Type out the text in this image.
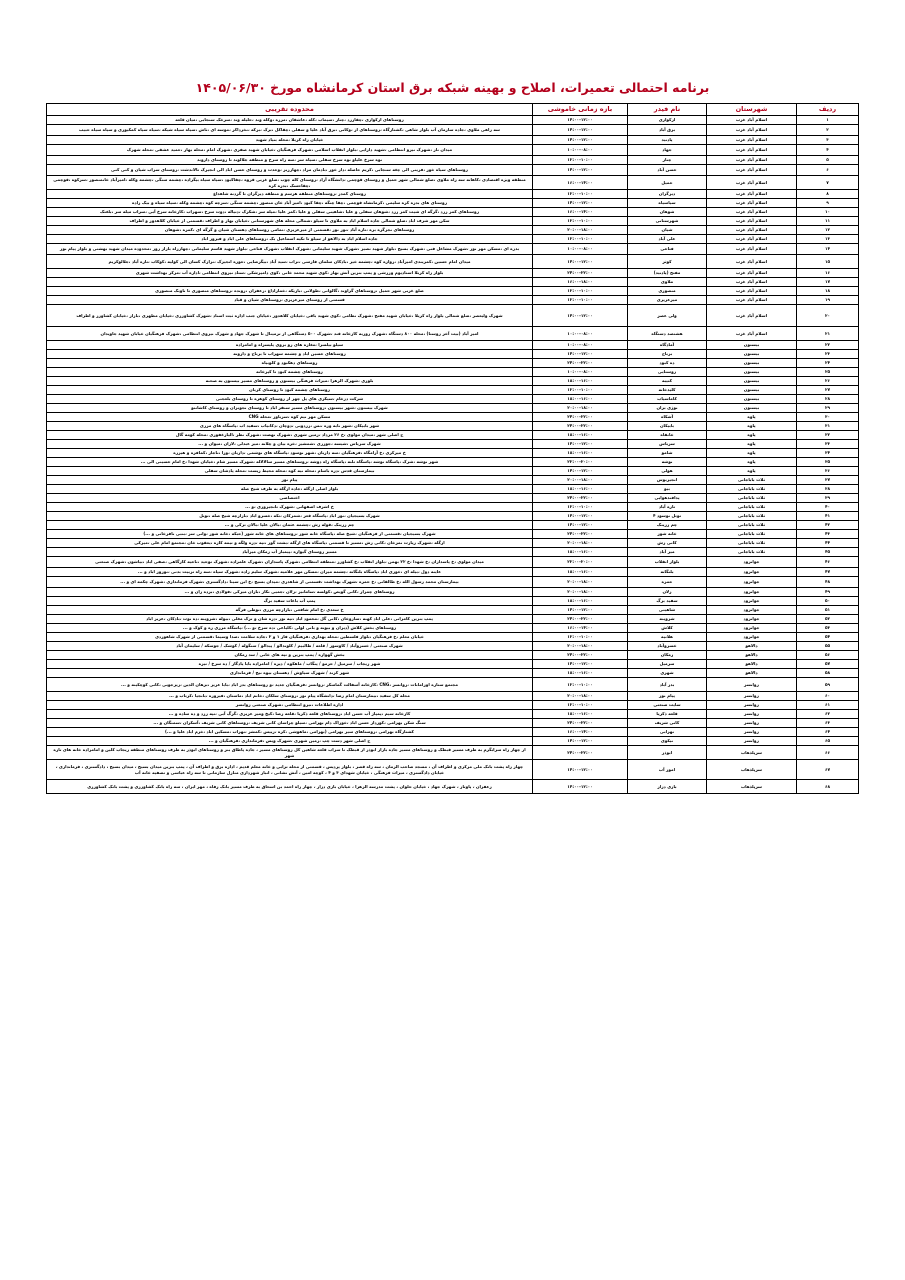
برنامه احتمالی تعمیرات، اصلاح و بهینه شبکه برق استان کرمانشاه مورخ ۱۴۰۵/۰۶/۳۰
ردیف	شهرستان	نام فیدر	بازه زمانی خاموشی	محدوده تقریبی
۱	اسلام آباد غرب	ارکوازی	۱۴:۰۰-۱۲:۰۰	روستاهای ارکوازی ،چقارزد ،چنار ،سیماب ،کله ،عاشقان ،مرزه ،وکله وند ،حلیله وند ،سرخک سنجابی ،میان قلعه
۲	اسلام آباد غرب	برق آباد	۱۴:۰۰-۱۲:۰۰	سه راهی ملاوی ،جاده سازمان آب بلوار شاهی ،کشتارگاه ،روستاهای ار ،وکانی ،برق آباد علیا و سفلی ،چقاکل ،برک ،برکه ،نخرداکر ،موسه ای ،ثاش ،سیاه سیاه شیکه ،سیاه سیاه کمکیوری و سیاه سیاه حبیب
۳	اسلام آباد غرب	پادنید	۱۴:۰۰-۱۲:۰۰	خیابان راه کربلا ،محله بنیاد شهید
۴	اسلام آباد غرب	جهاد	۱۰:۰۰-۰۸:۰۰	میدان ناز ،شهرک نیرو انتظامی ،شهید دارایی ،بلوار انقلاب اسلامی ،شهرک فرهنگیان ،خیابان شهید صفری ،شهرک امام ،محله بهار ،حمید عشقی ،محله شهرک
۵	اسلام آباد غرب	چنار	۱۲:۰۰-۱۰:۰۰	نوه سرخ علیاو نوه سرخ سفلی ،سیاه سر ،سه راه سرخ و منطقه جلالوند تا روستای داروند
۶	اسلام آباد غرب	حسن آباد	۱۴:۰۰-۱۲:۰۰	روستاهای سیاه خور ،فرینی الی چغه سنجابی ،کریم حاصله ،دار خور ،بادمان مراد ،چهارزبر ،وحدت و روستای حسن اباد الی انجیرک تالاندشت ،روستای سراب شیان و کنی کنی
۷	اسلام آباد غرب	حمیل	۱۶:۰۰-۱۴:۰۰	منطقه ویژه اقتصادی ،کاهانه سه راه ملاوی ،ضلع شمالی شهر حمیل و روستای قوچمی ،دانشگاه آزاد ،روستای کله چوب ،ضلع غربی قروه ،چقاکبود ،سیاه سیاه بیگزاده ،چشمه سنگی ،چشمه وکله ،امیرآباد خانمنصور ،سرکوه ،قوچمی ،چقاحسک ،بدره کره
۸	اسلام آباد غرب	دیزگران	۱۲:۰۰-۱۰:۰۰	روستای کمدر ،روستاهای منطقه هرسم و منطقه دیزگران تا گردنه شاهداغ
۹	اسلام آباد غرب	سیاسیاه	۱۴:۰۰-۱۲:۰۰	روستای های بدره کره سلیمی ،کرمانشاه قوچمی ،چقا چنگه ،چقا کبود ،امیر آباد خان منصور ،چشمه سنگی ،سرچه کوه ،چشمه وکله ،سیاه سیاه و بیک زاده
۱۰	اسلام آباد غرب	شوهان	۱۶:۰۰-۱۴:۰۰	روستاهای کمر زرد ،گرگه ای شیت کمر زرد ،شوهان سفلی و علیا ،شاهینی سفلی و علیا ،کمر علیا ،میله سر ،شکرک ،دنیاله ،دوت سرخ ،سهراب ،کارخانه سرخ آبی ،سراب میله سر ،بلغتک
۱۱	اسلام آباد غرب	شهرستانی	۱۲:۰۰-۱۰:۰۰	سکن مهر شرف اباد ،ضلع شمالی جاده اسلام اباد به ملاوی تا سیلو ،شمالی محله های شهرستانی ،خیابان بهار و اطراف ،قسمتی از خیابان کلاهدوز و اطراف
۱۲	اسلام آباد غرب	شیان	۲۰:۰۰-۱۸:۰۰	روستاهای نجرگره بزه ،تازه آباد ،نور نور ،قسمتی از میرعزیزی ،تمامی روستاهای دهستان شیان و گرگه ای ،کمره ،شوهان
۱۳	اسلام آباد غرب	علی آباد	۱۲:۰۰-۱۰:۰۰	جاده اسلام اباد به دالاهو از سیلو تا تکیه اسماعیل بک ،روستاهای علی اباد و فیروز اباد
۱۴	اسلام آباد غرب	فتاحی	۱۰:۰۰-۰۸:۰۰	بدره ای ،مسکن مهر نور ،شهرک مشاغل فنی ،شهرک بسیج ،بلوار شهید نصیر ،شهرک شهید سلیمانی ،شهرک انقلاب ،شهرک فتاحی ،بلوار شهید قاسم سلیمانی ،چهارراه بازار روز ،محدوده میدان شهید بهشتی و بلوار پیام نور
۱۵	اسلام آباد غرب	کوثر	۱۴:۰۰-۱۲:۰۰	میدان امام حسین ،کمربندی امیرآباد ،زواره کوه ،چشمه خیر ،بادکان سلمان فارسی ،تراب ،سید آباد ،بیگرضایی ،حوزه انجیرک ،نزارک کسان الی کولیه ،کوکاب ،تازه آباد ،جلالوکریم
۱۶	اسلام آباد غرب	مفتح (پادنید)	۲۴:۰۰-۲۲:۰۰	بلوار راه کربلا استادیوم ورزشی و پمپ بنزین آتش بهار ،کوی شهید محمد خانی ،کوی دامپزشکی ،ستاد نیروی انتظامی ،اداره آب ،مرکز بهداشت شهری
۱۷	اسلام آباد غرب	ملاوی	۱۶:۰۰-۱۸:۰۰	
۱۸	اسلام آباد غرب	منصوری	۱۲:۰۰-۱۰:۰۰	ضلع غربی شهر حمیل ،روستاهای گراوند ،گالوانی ،طولانی ،باریکه ،خماراداغ ،زعفران ،رونده ،روستاهای منصوری تا ناونک منصوری
۱۹	اسلام آباد غرب	میرعزیزی	۱۲:۰۰-۱۰:۰۰	قسمتی از روستای میرعزیزی ،روستاهای شیان و قباد
۲۰	اسلام آباد غرب	ولی عصر	۱۴:۰۰-۱۲:۰۰	شهرک ولیعصر ،ضلع شمالی بلوار راه کربلا ،خیابان شهید مفتح ،شهرک نظامی ،کوی شهید باقی ،خیابان کلاهدوز ،خیابان جنب اداره ثبت اسناد ،شهرک کشاورزی ،خیابان مطهری ،بازار ،خیابان کشاورز و اطراف
۲۱	اسلام آباد غرب	هشتصد دستگاه	۱۰:۰۰-۰۸:۰۰	امیر آباد (بیت آخر روستا) ،محله ۸۰۰ دستگاه ،شهرک روزبه کارخانه قند ،شهرک ۵۰۰ دستگاهی از ترمینال تا شهرک جهاد و شهرک نیروی انتظامی ،شهرک فرهنگیان خیابان شهید جاویدان
۲۲	بیستون	آمادگاه	۱۰:۰۰-۰۸:۰۰	سیلو بیلسرا ،مغازه های رو بروی پلیسراه و امامزاده
۲۳	بیستون	برناج	۱۴:۰۰-۱۲:۰۰	روستاهای حسین اباد و چشمه سهراب تا برناج و دارونه
۲۴	بیستون	ده کبود	۲۴:۰۰-۲۲:۰۰	روستاهای دهکبود و کلونیاه
۲۵	بیستون	روستایی	۱۰:۰۰-۰۸:۰۰	روستاهای چشمه کبود تا کپرخانه
۲۶	بیستون	کتیبه	۱۸:۰۰-۱۶:۰۰	بلوری ،شهرک الزهرا ،میراث فرهنگی بیستون و روستاهای مسیر بیستون به صحنه
۲۷	بیستون	کلیدخانه	۱۲:۰۰-۱۰:۰۰	روستاهای چشمه کبود تا روستای کربان
۲۸	بیستون	کاماسیاب	۱۸:۰۰-۱۶:۰۰	شرکت درخام ،سیکری های پل چهر از روستای کوهره تا روستای بلعجنی
۲۹	بیستون	نوژی بران	۲۰:۰۰-۱۸:۰۰	شهرک بیستون ،شهر بیستون ،روستاهای مسیر سنقر اباد تا روستای نجوبران و روستای کاشانتو
۳۰	پاوه	آشکاه	۲۴:۰۰-۲۲:۰۰	مسکن مهر نیم کوه ،سرباور ،محله CNG
۳۱	پاوه	بابیکان	۲۴:۰۰-۲۲:۰۰	شهر بابیکان ،شهر نابه وره ،نس ،زردوبی ،دوچان ،دکانیاب ،سفید اب ،پاسگاه های مرزی
۳۲	پاوه	خانقاه	۱۸:۰۰-۱۶:۰۰	ج اصلی شهر ،میدان مولوی ،خ ۲۶ مرداد ،زمین شهری ،شهرک نهضت ،شهرک نظر ،الیارغفوری ،محله کومه گال
۳۳	پاوه	سرباس	۱۴:۰۰-۱۲:۰۰	شهرک سرباس ،شیسه ،جورزی ،شمشیر ،خره بیان و چلانه ،میر عبدلی ،لازان ،میوان و ...
۳۴	پاوه	شامو	۱۸:۰۰-۱۶:۰۰	خ میرکزی ،خ آرامگاه ،فرهنگیان ،سه داربان ،شهر نوسود ،پاسگاه های نوشمی ،داربان ،ورا ،ناجار ،کمافره و هیرزه
۳۵	پاوه	نوشه	۲۲:۰۰-۲۰:۰۰	شهر نوشه ،شرک ،پاسگاه نوشه ،پاسگاه تلنه ،پاسگاه راه دوشه ،روستاهای مسیر سالالاله ،شهرک مسیر شام ،خیابان شهدا ،خ امام حسینی الی ...
۳۶	پاوه	هولی	۱۴:۰۰-۱۲:۰۰	بیمارستان قدس ،دره باسام ،محله نیه کوه ،محله محیط زیست ،محله پادشان سفلی
۳۷	ثلاث باباجانی	انجیرنوس	۲۰:۰۰-۱۸:۰۰	پیام نور
۳۸	ثلاث باباجانی	بیو	۱۸:۰۰-۱۶:۰۰	بلوار اصلی ازگله ،جاده ازگله به طرف شیخ صله
۳۹	ثلاث باباجانی	پدافندهوایی	۲۴:۰۰-۲۲:۰۰	اختصاصی
۴۰	ثلاث باباجانی	تازه آباد	۱۲:۰۰-۱۰:۰۰	خ اشرف اصفهانی ،شهرک تانجیروزی ،و ...
۴۱	ثلاث باباجانی	توتل نوسود ۴	۱۴:۰۰-۱۲:۰۰	شهرک بسیجیان ،نور اباد ،پاسگاه قعر ،شمرکان ،تکه ،خسرو اباد ،بازارچه شیخ صله ،تونل
۴۲	ثلاث باباجانی	چم زرینک	۱۴:۰۰-۱۲:۰۰	چم زرینک ،قوله رش ،چشمه عثمان ،بالان علیا ،بالان ترکی و ...
۴۳	ثلاث باباجانی	خانه شور	۲۴:۰۰-۲۲:۰۰	شهرک بسیجیان ،قسمتی از فرهنگیان ،شیخ صله ،پاسگاه خانه شور ،روستاهای های خانه شور (حبکه ،خانه شور ،وانی سر ،بنبی نافرخانی و ...)
۴۴	ثلاث باباجانی	کانی رش	۲۰:۰۰-۱۸:۰۰	ازگله ،شهرک زیارت نمرخان ،کانی رش ،مسیر تا قسمتی ،پاسگاه های ازگله ،بشت گور ،تپه ،دره ولگه و تیمه کاره ،یعقوب خان ،مجتمع امام علی ،میرکی
۴۵	ثلاث باباجانی	میر آباد	۱۸:۰۰-۱۶:۰۰	مسیر روستای گیواره ،پیمباز آب زمکان میرآباد
۴۶	جوانرود	بلوار انقلاب	۲۲:۰۰-۲۰:۰۰	میدان مولوی ،خ پاسداران ،خ شهدا ،خ ۲۲ بهمن ،بلوار انقلاب ،خ کشاورز ،منطقه انتظامی ،شهرک پاسداران ،شهرک علمزاده ،شهرک توحید ،ناحیه کارگاهی ،صفی اباد ،بیاشون ،شهرک صنعتی
۴۷	جوانرود	بلنگانه	۱۸:۰۰-۱۶:۰۰	عاینه دول ،بیله ای ،خوری اباد ،پاسگاه بلنگانه ،چشمه میران ،مسکن مهر علامیه ،شهرک سلیم زاده ،شهرک سپاه ،سه راه تربیت بدنی ،نوروز اباد و ...
۴۸	جوانرود	حمزه	۲۰:۰۰-۱۸:۰۰	بیمارستان محمد رسول الله ،خ طالقانی ،خ حمزه ،شهرک بهداشت ،قسمتی از شاهدری ،میدان بسیج ،خ ابن سینا ،دادگستری ،شهرک فرمانداری ،شهرک چکمه ای و ...
۴۹	جوانرود	زلان	۲۰:۰۰-۱۸:۰۰	روستاهای چمزار ،کانی گویص ،کولسه ،سامانیر ،زلان ،جمیی نکار ،باران میرکی ،فولادی ،برده زان و ...
۵۰	جوانرود	سفید برگ	۱۸:۰۰-۱۶:۰۰	پمپ آب باغات سفید برگ
۵۱	جوانرود	شاهینی	۱۴:۰۰-۱۲:۰۰	خ سعدی ،خ امام شافعی ،بازارچه مرزی ،نوطی فرگه
۵۲	جوانرود	شروینه	۲۴:۰۰-۲۲:۰۰	پمپ بنزین کامرانی ،علی اباد کهنه ،ساروخان ،کانی گل ،محمود اباد ،تپه نور ،دره شان و ترک مغلی ،بیوله ،شروینه ،ده نوت ،بادکان ،عزیز اباد
۵۳	جوانرود	کلاش	۱۶:۰۰-۱۴:۰۰	روستاهای بخش کلاش (دیزان و بیونه و بانی لولی ،کلیاعی ،ده سرخ ،و ...) ،پاسگاه مرزی ره و کوک و ...
۵۴	جوانرود	هلانیه	۱۲:۰۰-۱۰:۰۰	خیابان معلم ،خ فرهنگیان ،بلوار فلسطین ،محله بهداری ،فرهنگیان فاز ۱ و ۲ ،جاده سلامت ،صدا وسیما ،قسمتی از شهرک شاهوردی
۵۵	دالاهو	خسروآباد	۲۰:۰۰-۱۸:۰۰	شهرک صنعتی / خسروآباد / کاوسور / قلعه / طالبیم / کلوندالو / پیدالو / سنگوله / کوشک / جوسکه / سلیمان آباد
۵۶	دالاهو	زمکان	۲۴:۰۰-۲۲:۰۰	بخش گهواره / پمپ بنزین و تپه های خانی / سد زمکان
۵۷	دالاهو	سرمیل	۱۴:۰۰-۱۲:۰۰	شهر ریجاب / سرمیل / حرمو / پنگاب / ماهکوه / دیره / امامزاده بابا یادگار / ده سرخ / تیره
۵۸	دالاهو	شهری	۱۸:۰۰-۱۶:۰۰	شهر کرند / شهرک سیاوش / دهستان بیوه نیج / فرمانداری
۵۹	روانسر	بدر آباد	۱۲:۰۰-۱۰:۰۰	مجتمع ستاره اورامانات ،روانسر ،CNG ،کارخانه آسفالت گماسکر ،روانسر ،فرهنگیان جدید ،و روستاهای بدر اباد ،بابا عزیز ،برهان الدین ،زیرجوبی ،کانی کوچکینه و ...
۶۰	روانسر	پیام نور	۲۰:۰۰-۱۸:۰۰	محله کل سفید ،بیمارستان امام رضا ،دانشگاه پیام نور ،روستای سلکان ،خانم اباد ،ماستان ،فیروزه ،بانجیا ،کرتاب و ...
۶۱	روانسر	سایت صنعتی	۱۲:۰۰-۱۰:۰۰	اداره اطلاعات ،نیرو انتظامی ،شهرک صنعتی روانسر
۶۲	روانسر	قلعه ذکریا	۱۸:۰۰-۱۶:۰۰	کارخانه سیم ،پمپاژ آب حسن اباد ،روستاهای قلعه ذکریا ،قلعه رضا ،کیخ ومیر عزیزی ،گرگ آبی ،تپه زرد و ده ساده و ...
۶۳	روانسر	کانی شریف	۲۴:۰۰-۲۲:۰۰	سنگ شکن بهرامی ،کوزدار حسن اباد ،خوراک دام بهرامی ،سیلو چراسان کانی شریف ،روستاهای کانی شریف ،آسکران ،سمنگان و ...
۶۴	روانسر	نهرابی	۱۶:۰۰-۱۴:۰۰	کشتارگاه بهرامی ،روستاهای سیر بهرامی (بهرامی ،ماهوشی ،کره ،رییس ،کمشر ،نهراب ،مسکین اباد ،خرم اباد علیا و ...)
۶۵	روانسر	نیکوی	۱۴:۰۰-۱۲:۰۰	ج اصلی شهر دست چپ ،زمین شهری ،شهرک ویس ،فرمانداری ،فرهنگیان و ...
۶۶	سرپلذهاب	ابوذر	۲۴:۰۰-۲۲:۰۰	از چهار راه سرابگرم به طرف مسیر قبطک و روستاهای مسیر جاده بازار ابوذر از قبطک تا سراب قلعه شاهین کل روستاهای مسیر ، جاده پاطاق بنر و روستاهای ابوذر به طرف روستاهای منطقه ریجاب کلین و امامزاده خانه های تازه شهر
۶۷	سرپلذهاب	امور آب	۱۴:۰۰-۱۲:۰۰	چهار راه پشت بانک ملی مرکزی و اطراف آن ، مسجد صاحب الزمان ، سه راه قصر ، بلوار پردیس ، قسمتی از محله ترابی و خانه معلم قدیم ، اداره برق و اطراف آن ، پمپ بنزین میدان بسیج ، میدان بسیج ، دادگستری ، فرمانداری ، خیابان دادگستری ، میراث فرهنگی ، خیابان شهدای ۳ و ۴ ، کوچه امین ، آتش نشانی ، انبار شهرداری منازل سازمانی تا سه راه عباسی و تصفیه خانه آب
۶۸	سرپلذهاب	بازی دراز	۱۴:۰۰-۱۲:۰۰	زعفران ، پاوتار ، شهرک جهاد ، خیابان حلوان ، پشت مدرسه الزهرا ، خیابان بازی دراز ، چهار راه احمد بن اسحاق به طرف مسیر بانک رفاه ، مهر ایران ، سه راه بانک کشاورزی و پشت بانک کشاورزی
